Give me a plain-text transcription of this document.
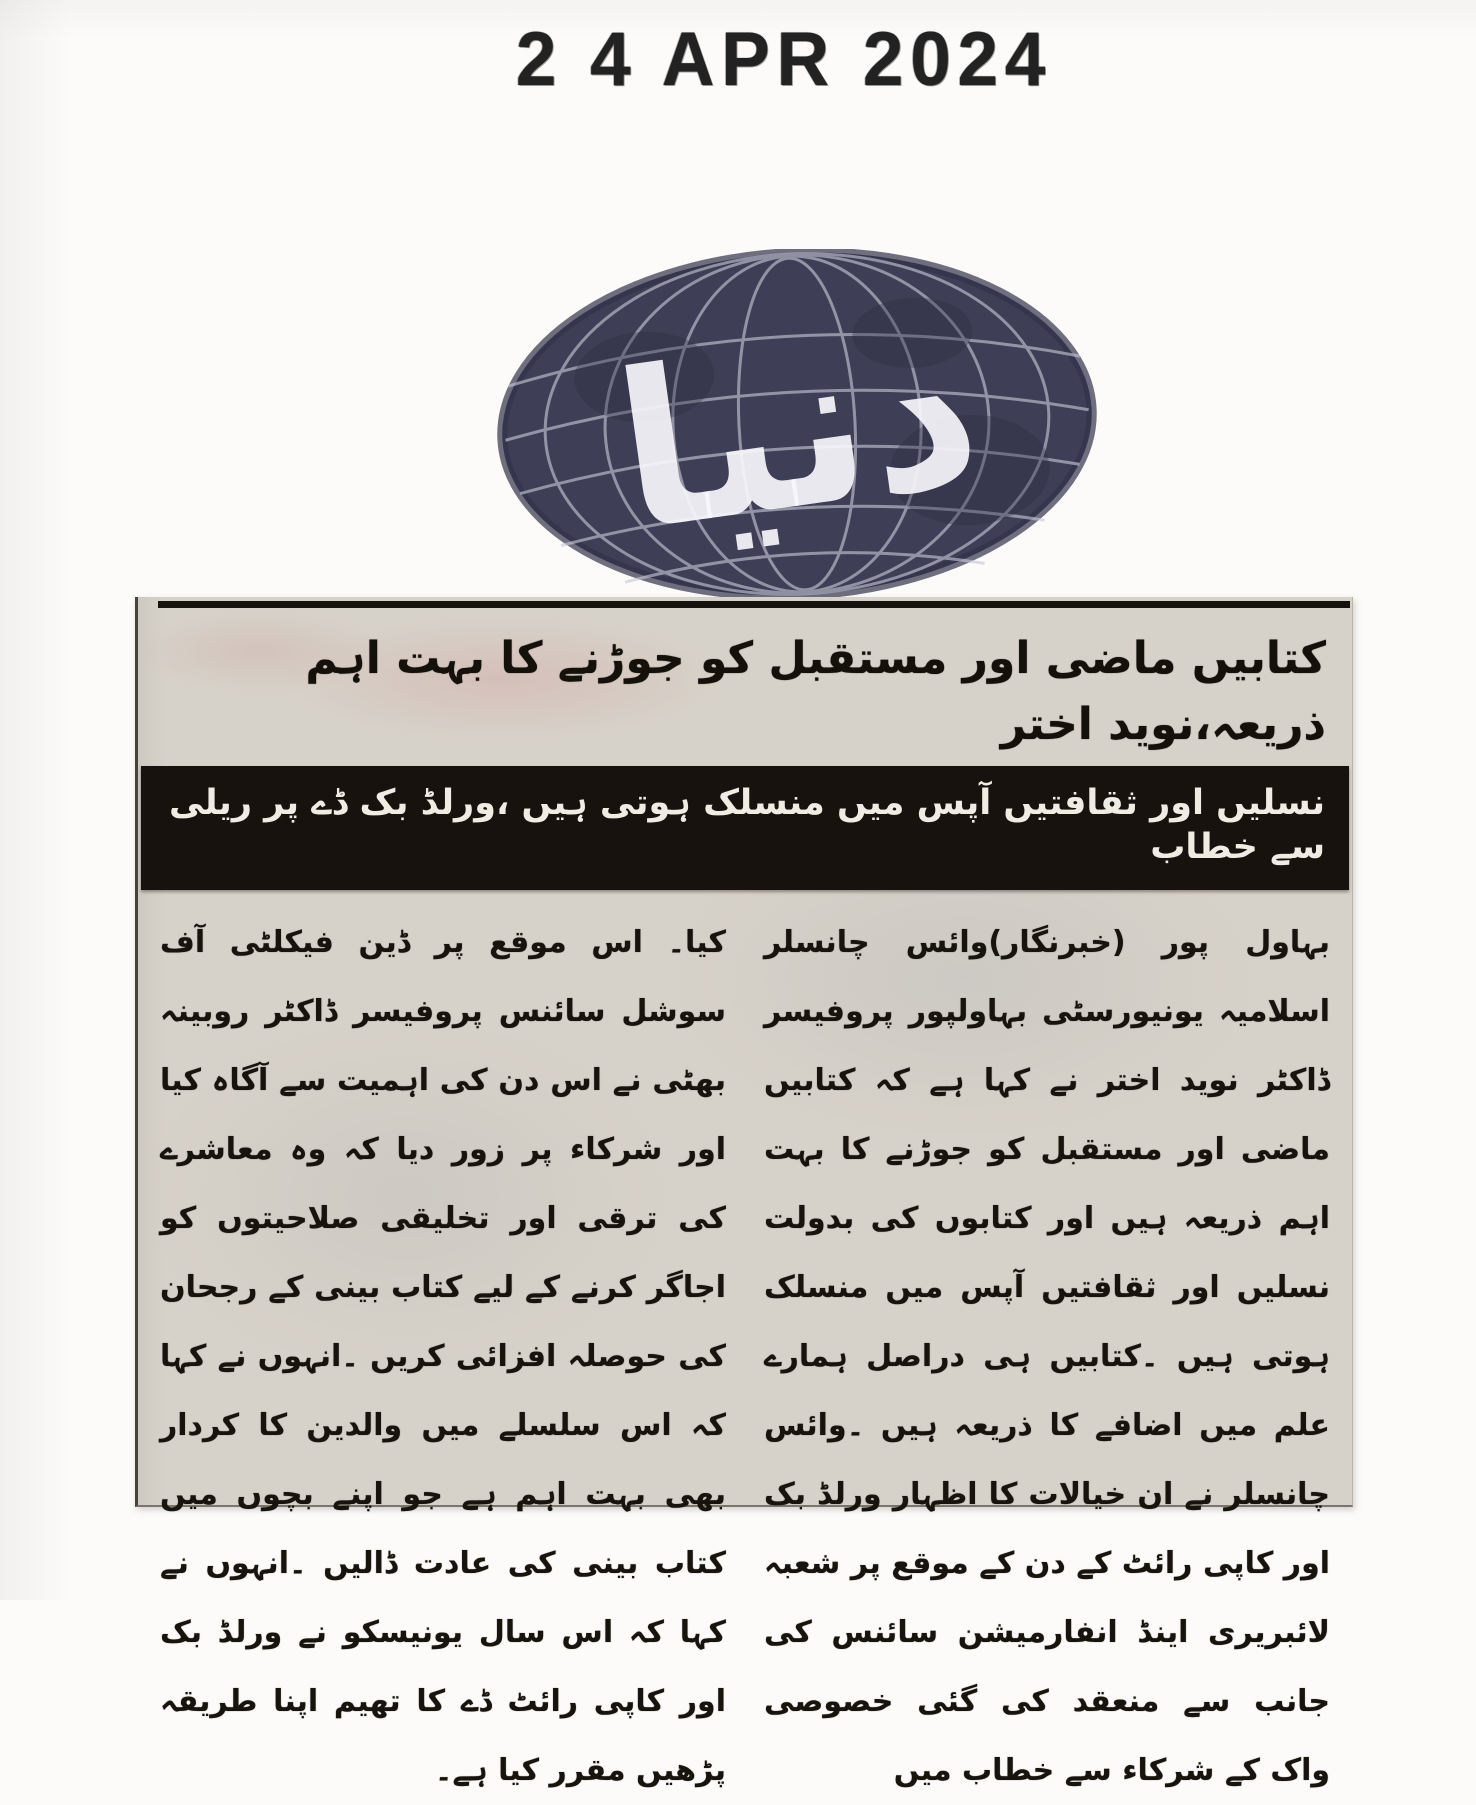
2 4 APR 2024
دنیا
کتابیں ماضی اور مستقبل کو جوڑنے کا بہت اہم ذریعہ،نوید اختر
نسلیں اور ثقافتیں آپس میں منسلک ہوتی ہیں ،ورلڈ بک ڈے پر ریلی سے خطاب
بہاول پور (خبرنگار)وائس چانسلر اسلامیہ یونیورسٹی بہاولپور پروفیسر ڈاکٹر نوید اختر نے کہا ہے کہ کتابیں ماضی اور مستقبل کو جوڑنے کا بہت اہم ذریعہ ہیں اور کتابوں کی بدولت نسلیں اور ثقافتیں آپس میں منسلک ہوتی ہیں ۔کتابیں ہی دراصل ہمارے علم میں اضافے کا ذریعہ ہیں ۔وائس چانسلر نے ان خیالات کا اظہار ورلڈ بک اور کاپی رائٹ کے دن کے موقع پر شعبہ لائبریری اینڈ انفارمیشن سائنس کی جانب سے منعقد کی گئی خصوصی واک کے شرکاء سے خطاب میں
کیا۔ اس موقع پر ڈین فیکلٹی آف سوشل سائنس پروفیسر ڈاکٹر روبینہ بھٹی نے اس دن کی اہمیت سے آگاہ کیا اور شرکاء پر زور دیا کہ وہ معاشرے کی ترقی اور تخلیقی صلاحیتوں کو اجاگر کرنے کے لیے کتاب بینی کے رجحان کی حوصلہ افزائی کریں ۔انہوں نے کہا کہ اس سلسلے میں والدین کا کردار بھی بہت اہم ہے جو اپنے بچوں میں کتاب بینی کی عادت ڈالیں ۔انہوں نے کہا کہ اس سال یونیسکو نے ورلڈ بک اور کاپی رائٹ ڈے کا تھیم اپنا طریقہ پڑھیں مقرر کیا ہے۔
